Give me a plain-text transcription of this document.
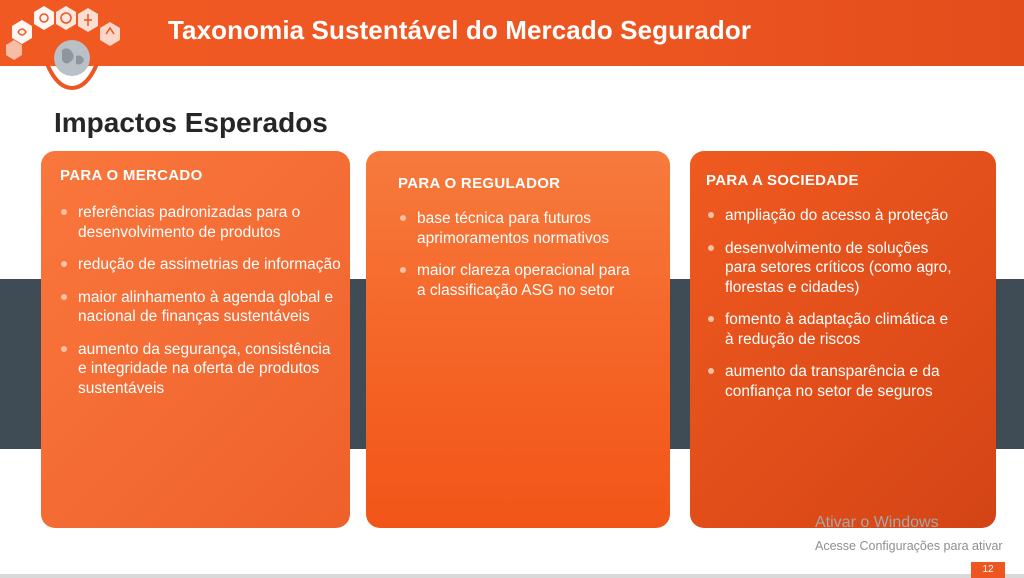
Taxonomia Sustentável do Mercado Segurador
Impactos Esperados
PARA O MERCADO
referências padronizadas para o desenvolvimento de produtos
redução de assimetrias de informação
maior alinhamento à agenda global e nacional de finanças sustentáveis
aumento da segurança, consistência e integridade na oferta de produtos sustentáveis
PARA O REGULADOR
base técnica para futuros aprimoramentos normativos
maior clareza operacional para a classificação ASG no setor
PARA A SOCIEDADE
ampliação do acesso à proteção
desenvolvimento de soluções para setores críticos (como agro, florestas e cidades)
fomento à adaptação climática e à redução de riscos
aumento da transparência e da confiança no setor de seguros
Ativar o Windows
Acesse Configurações para ativar
12
